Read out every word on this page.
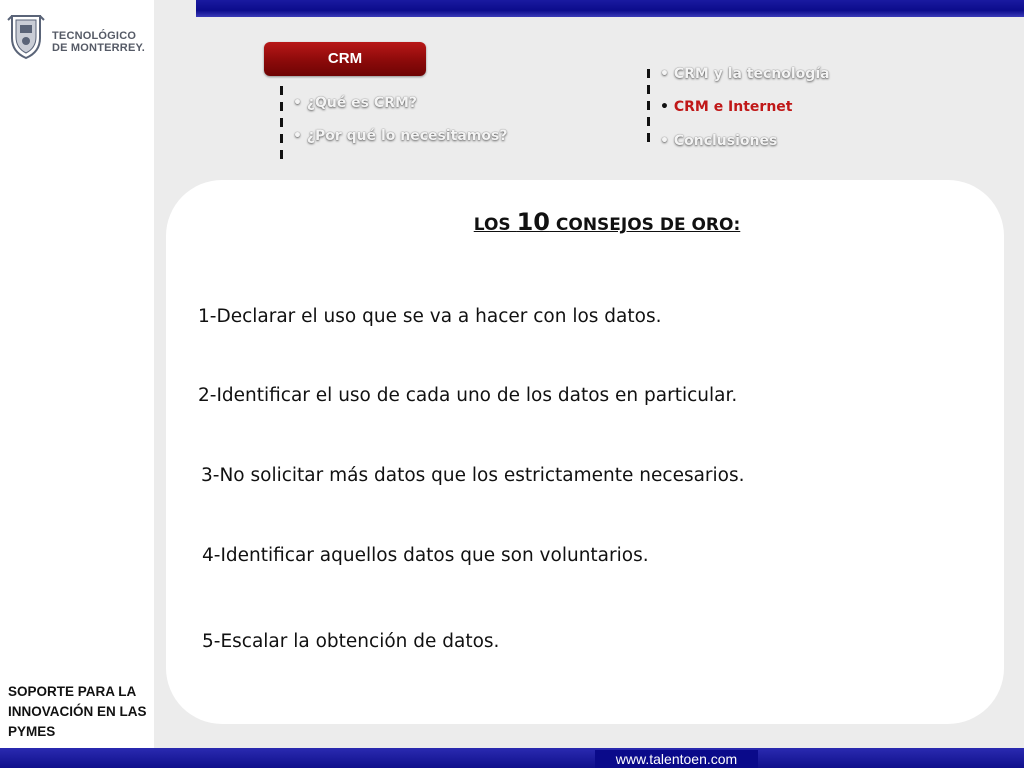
TECNOLÓGICO
DE MONTERREY.
CRM
• ¿Qué es CRM?
• ¿Por qué lo necesitamos?
• CRM y la tecnología
• CRM e Internet
• Conclusiones
LOS 10 CONSEJOS DE ORO:
1-Declarar el uso que se va a hacer con los datos.
2-Identificar el uso de cada uno de los datos en particular.
3-No solicitar más datos que los estrictamente necesarios.
4-Identificar aquellos datos que son voluntarios.
5-Escalar la obtención de datos.
SOPORTE PARA LA INNOVACIÓN EN LAS PYMES
www.talentoen.com
